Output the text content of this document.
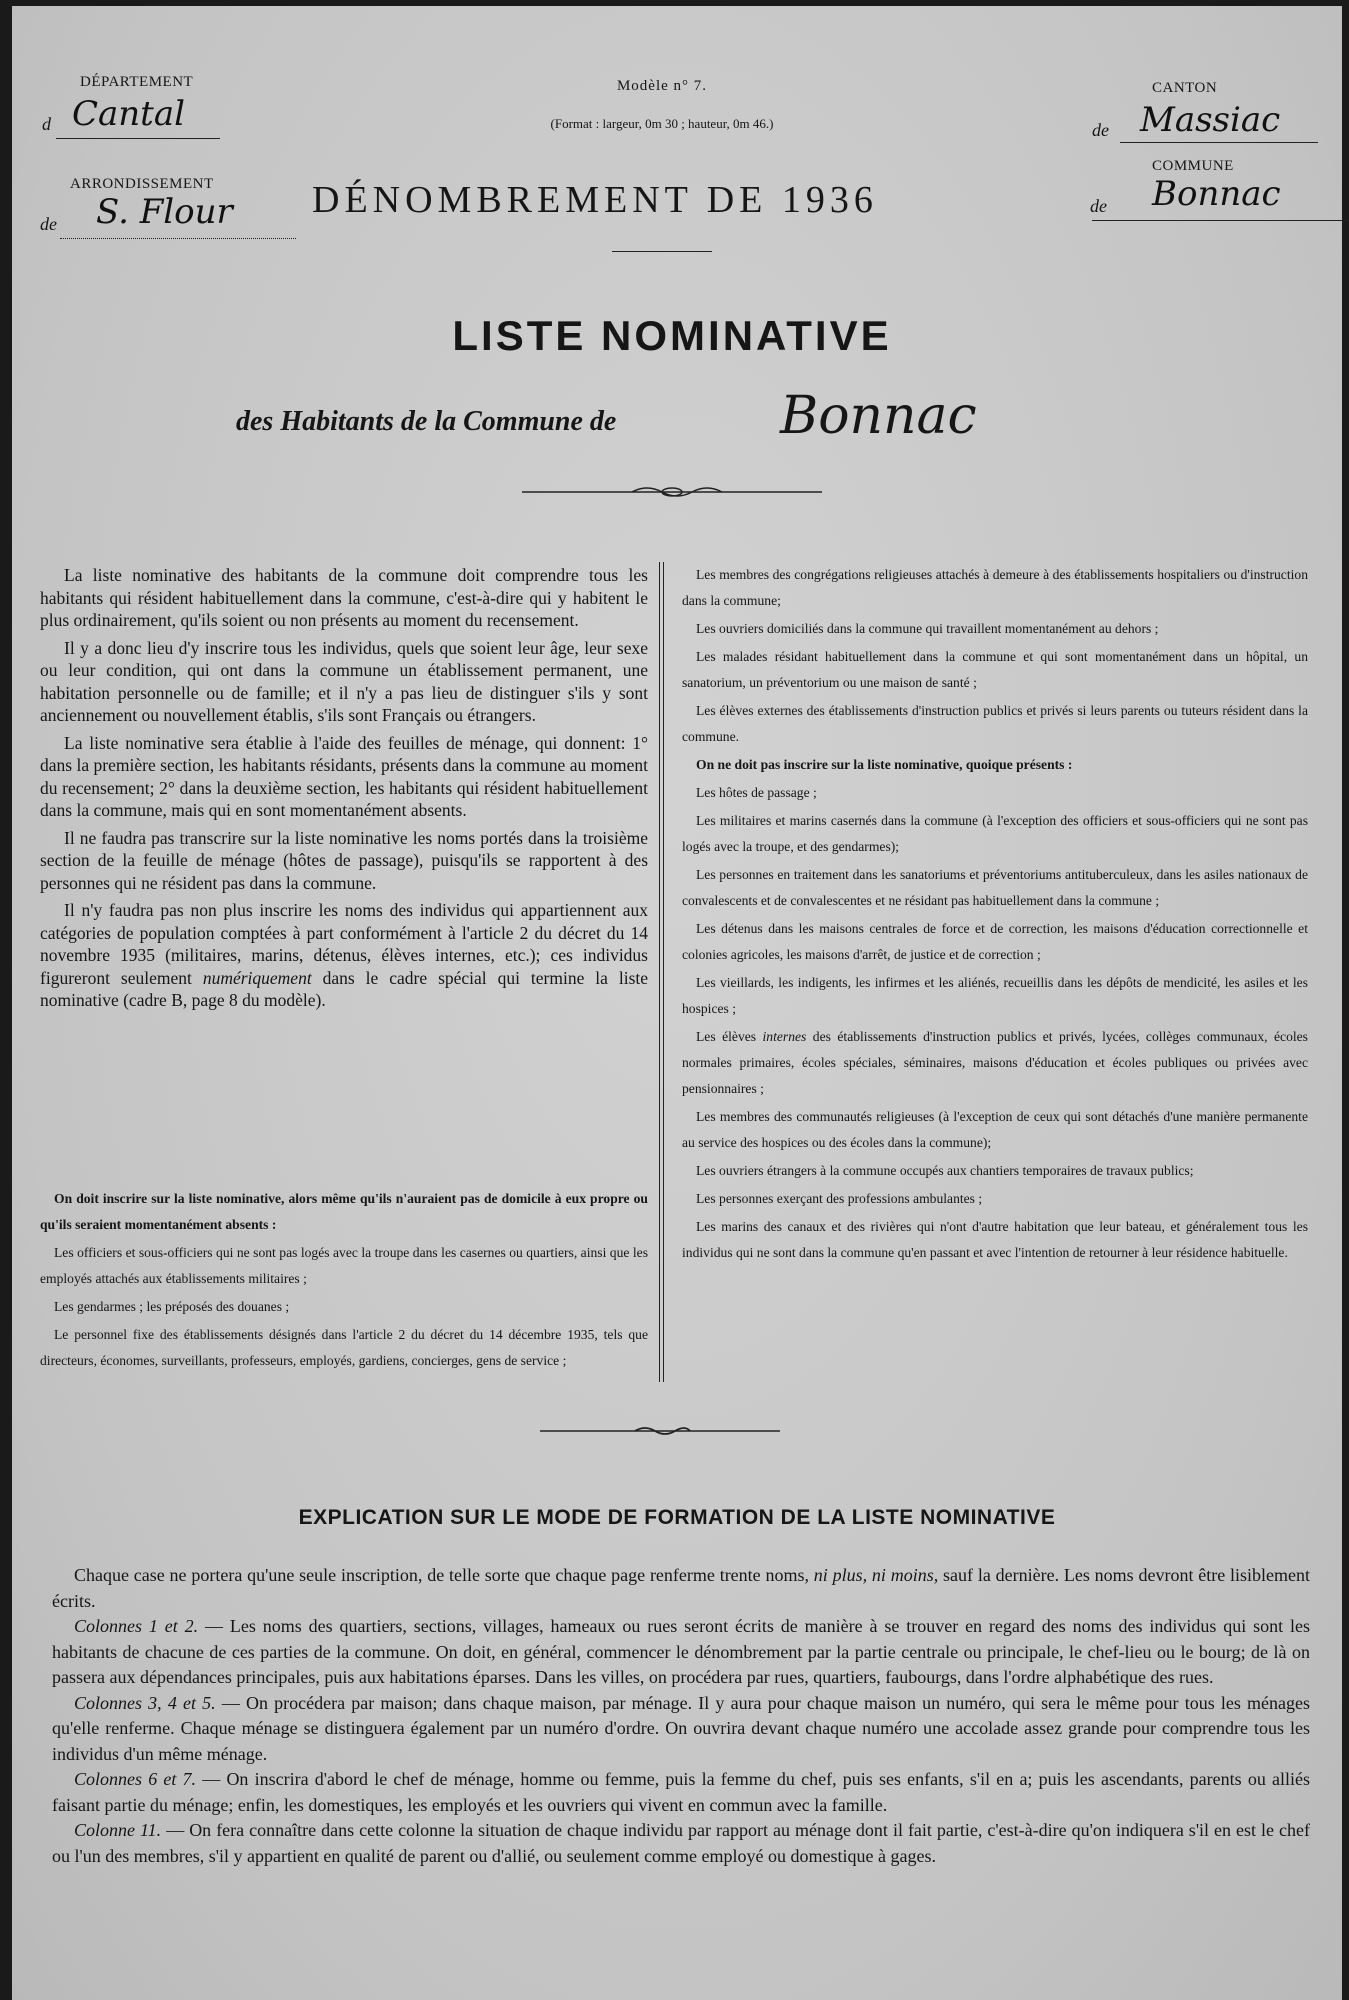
DÉPARTEMENT
d Cantal
ARRONDISSEMENT
de	S. Flour
Modèle n° 7.
(Format : largeur, 0m 30 ; hauteur, 0m 46.)
CANTON
de Massiac
COMMUNE
de	Bonnac
DÉNOMBREMENT DE 1936
LISTE NOMINATIVE
des Habitants de la Commune de	Bonnac

La liste nominative des habitants de la commune doit comprendre tous les habitants qui résident habituellement dans la commune, c'est-à-dire qui y habitent le plus ordinairement, qu'ils soient ou non présents au moment du recensement.

Il y a donc lieu d'y inscrire tous les individus, quels que soient leur âge, leur sexe ou leur condition, qui ont dans la commune un établissement permanent, une habitation personnelle ou de famille; et il n'y a pas lieu de distinguer s'ils y sont anciennement ou nouvellement établis, s'ils sont Français ou étrangers.

La liste nominative sera établie à l'aide des feuilles de ménage, qui donnent: 1° dans la première section, les habitants résidants, présents dans la commune au moment du recensement; 2° dans la deuxième section, les habitants qui résident habituellement dans la commune, mais qui en sont momentanément absents.

Il ne faudra pas transcrire sur la liste nominative les noms portés dans la troisième section de la feuille de ménage (hôtes de passage), puisqu'ils se rapportent à des personnes qui ne résident pas dans la commune.

Il n'y faudra pas non plus inscrire les noms des individus qui appartiennent aux catégories de population comptées à part conformément à l'article 2 du décret du 14 novembre 1935 (militaires, marins, détenus, élèves internes, etc.); ces individus figureront seulement numériquement dans le cadre spécial qui termine la liste nominative (cadre B, page 8 du modèle).

On doit inscrire sur la liste nominative, alors même qu'ils n'auraient pas de domicile à eux propre ou qu'ils seraient momentanément absents :

Les officiers et sous-officiers qui ne sont pas logés avec la troupe dans les casernes ou quartiers, ainsi que les employés attachés aux établissements militaires ;

Les gendarmes ; les préposés des douanes ;

Le personnel fixe des établissements désignés dans l'article 2 du décret du 14 décembre 1935, tels que directeurs, économes, surveillants, professeurs, employés, gardiens, concierges, gens de service ;

Les membres des congrégations religieuses attachés à demeure à des établissements hospitaliers ou d'instruction dans la commune;

Les ouvriers domiciliés dans la commune qui travaillent momentanément au dehors ;

Les malades résidant habituellement dans la commune et qui sont momentanément dans un hôpital, un sanatorium, un préventorium ou une maison de santé ;

Les élèves externes des établissements d'instruction publics et privés si leurs parents ou tuteurs résident dans la commune.

On ne doit pas inscrire sur la liste nominative, quoique présents :

Les hôtes de passage ;

Les militaires et marins casernés dans la commune (à l'exception des officiers et sous-officiers qui ne sont pas logés avec la troupe, et des gendarmes);

Les personnes en traitement dans les sanatoriums et préventoriums antituberculeux, dans les asiles nationaux de convalescents et de convalescentes et ne résidant pas habituellement dans la commune ;

Les détenus dans les maisons centrales de force et de correction, les maisons d'éducation correctionnelle et colonies agricoles, les maisons d'arrêt, de justice et de correction ;

Les vieillards, les indigents, les infirmes et les aliénés, recueillis dans les dépôts de mendicité, les asiles et les hospices ;

Les élèves internes des établissements d'instruction publics et privés, lycées, collèges communaux, écoles normales primaires, écoles spéciales, séminaires, maisons d'éducation et écoles publiques ou privées avec pensionnaires ;

Les membres des communautés religieuses (à l'exception de ceux qui sont détachés d'une manière permanente au service des hospices ou des écoles dans la commune);

Les ouvriers étrangers à la commune occupés aux chantiers temporaires de travaux publics;

Les personnes exerçant des professions ambulantes ;

Les marins des canaux et des rivières qui n'ont d'autre habitation que leur bateau, et généralement tous les individus qui ne sont dans la commune qu'en passant et avec l'intention de retourner à leur résidence habituelle.

EXPLICATION SUR LE MODE DE FORMATION DE LA LISTE NOMINATIVE

Chaque case ne portera qu'une seule inscription, de telle sorte que chaque page renferme trente noms, ni plus, ni moins, sauf la dernière. Les noms devront être lisiblement écrits.

Colonnes 1 et 2. — Les noms des quartiers, sections, villages, hameaux ou rues seront écrits de manière à se trouver en regard des noms des individus qui sont les habitants de chacune de ces parties de la commune. On doit, en général, commencer le dénombrement par la partie centrale ou principale, le chef-lieu ou le bourg; de là on passera aux dépendances principales, puis aux habitations éparses. Dans les villes, on procédera par rues, quartiers, faubourgs, dans l'ordre alphabétique des rues.

Colonnes 3, 4 et 5. — On procédera par maison; dans chaque maison, par ménage. Il y aura pour chaque maison un numéro, qui sera le même pour tous les ménages qu'elle renferme. Chaque ménage se distinguera également par un numéro d'ordre. On ouvrira devant chaque numéro une accolade assez grande pour comprendre tous les individus d'un même ménage.

Colonnes 6 et 7. — On inscrira d'abord le chef de ménage, homme ou femme, puis la femme du chef, puis ses enfants, s'il en a; puis les ascendants, parents ou alliés faisant partie du ménage; enfin, les domestiques, les employés et les ouvriers qui vivent en commun avec la famille.

Colonne 11. — On fera connaître dans cette colonne la situation de chaque individu par rapport au ménage dont il fait partie, c'est-à-dire qu'on indiquera s'il en est le chef ou l'un des membres, s'il y appartient en qualité de parent ou d'allié, ou seulement comme employé ou domestique à gages.
